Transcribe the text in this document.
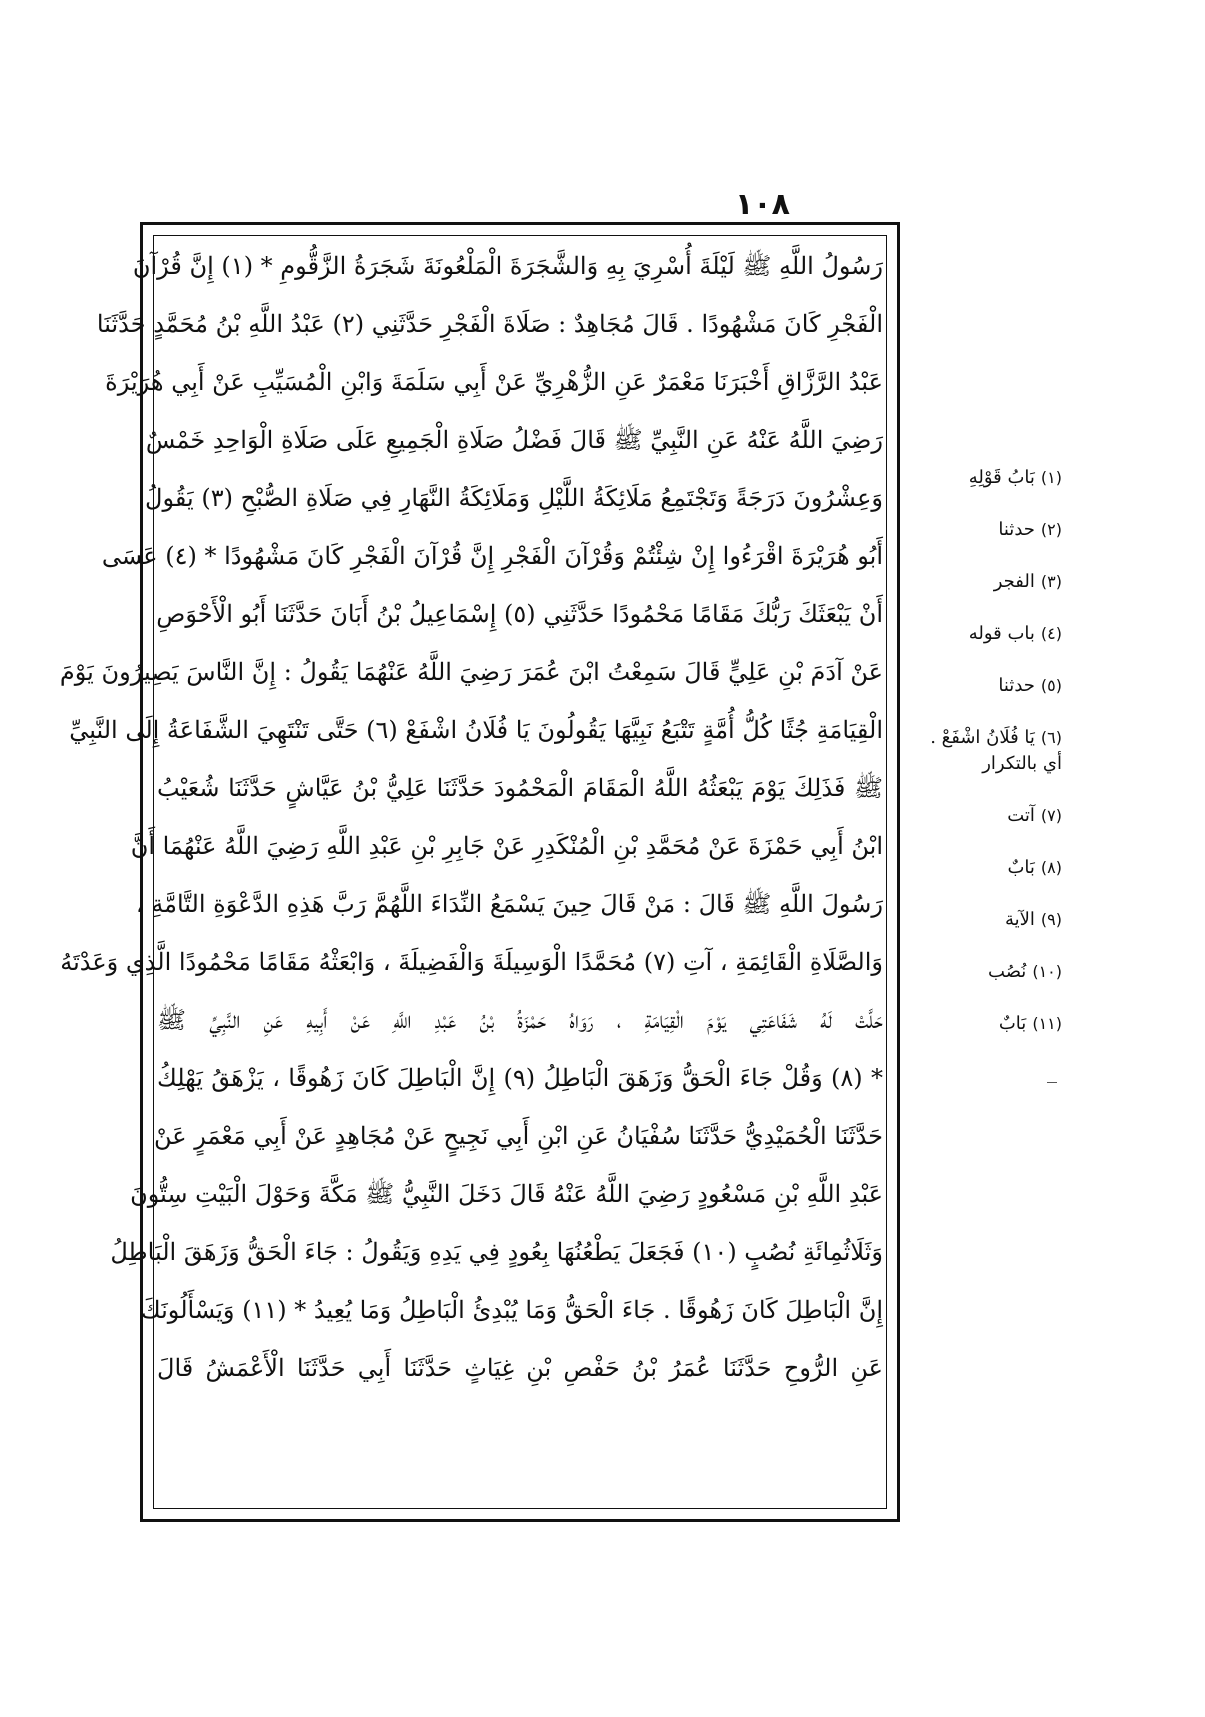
١٠٨
رَسُولُ اللَّهِ ﷺ لَيْلَةَ أُسْرِيَ بِهِ وَالشَّجَرَةَ الْمَلْعُونَةَ شَجَرَةُ الزَّقُّومِ * (١) إِنَّ قُرْآنَ
الْفَجْرِ كَانَ مَشْهُودًا . قَالَ مُجَاهِدٌ : صَلَاةَ الْفَجْرِ حَدَّثَنِي (٢) عَبْدُ اللَّهِ بْنُ مُحَمَّدٍ حَدَّثَنَا
عَبْدُ الرَّزَّاقِ أَخْبَرَنَا مَعْمَرٌ عَنِ الزُّهْرِيِّ عَنْ أَبِي سَلَمَةَ وَابْنِ الْمُسَيِّبِ عَنْ أَبِي هُرَيْرَةَ
رَضِيَ اللَّهُ عَنْهُ عَنِ النَّبِيِّ ﷺ قَالَ فَضْلُ صَلَاةِ الْجَمِيعِ عَلَى صَلَاةِ الْوَاحِدِ خَمْسٌ
وَعِشْرُونَ دَرَجَةً وَتَجْتَمِعُ مَلَائِكَةُ اللَّيْلِ وَمَلَائِكَةُ النَّهَارِ فِي صَلَاةِ الصُّبْحِ (٣) يَقُولُ
أَبُو هُرَيْرَةَ اقْرَءُوا إِنْ شِئْتُمْ وَقُرْآنَ الْفَجْرِ إِنَّ قُرْآنَ الْفَجْرِ كَانَ مَشْهُودًا * (٤) عَسَى
أَنْ يَبْعَثَكَ رَبُّكَ مَقَامًا مَحْمُودًا حَدَّثَنِي (٥) إِسْمَاعِيلُ بْنُ أَبَانَ حَدَّثَنَا أَبُو الْأَحْوَصِ
عَنْ آدَمَ بْنِ عَلِيٍّ قَالَ سَمِعْتُ ابْنَ عُمَرَ رَضِيَ اللَّهُ عَنْهُمَا يَقُولُ : إِنَّ النَّاسَ يَصِيرُونَ يَوْمَ
الْقِيَامَةِ جُثًا كُلُّ أُمَّةٍ تَتْبَعُ نَبِيَّهَا يَقُولُونَ يَا فُلَانُ اشْفَعْ (٦) حَتَّى تَنْتَهِيَ الشَّفَاعَةُ إِلَى النَّبِيِّ
ﷺ فَذَلِكَ يَوْمَ يَبْعَثُهُ اللَّهُ الْمَقَامَ الْمَحْمُودَ حَدَّثَنَا عَلِيُّ بْنُ عَيَّاشٍ حَدَّثَنَا شُعَيْبُ
ابْنُ أَبِي حَمْزَةَ عَنْ مُحَمَّدِ بْنِ الْمُنْكَدِرِ عَنْ جَابِرِ بْنِ عَبْدِ اللَّهِ رَضِيَ اللَّهُ عَنْهُمَا أَنَّ
رَسُولَ اللَّهِ ﷺ قَالَ : مَنْ قَالَ حِينَ يَسْمَعُ النِّدَاءَ اللَّهُمَّ رَبَّ هَذِهِ الدَّعْوَةِ التَّامَّةِ ،
وَالصَّلَاةِ الْقَائِمَةِ ، آتِ (٧) مُحَمَّدًا الْوَسِيلَةَ وَالْفَضِيلَةَ ، وَابْعَثْهُ مَقَامًا مَحْمُودًا الَّذِي وَعَدْتَهُ
حَلَّتْ لَهُ شَفَاعَتِي يَوْمَ الْقِيَامَةِ ، رَوَاهُ حَمْزَةُ بْنُ عَبْدِ اللَّهِ عَنْ أَبِيهِ عَنِ النَّبِيِّ ﷺ
* (٨) وَقُلْ جَاءَ الْحَقُّ وَزَهَقَ الْبَاطِلُ (٩) إِنَّ الْبَاطِلَ كَانَ زَهُوقًا ، يَزْهَقُ يَهْلِكُ
حَدَّثَنَا الْحُمَيْدِيُّ حَدَّثَنَا سُفْيَانُ عَنِ ابْنِ أَبِي نَجِيحٍ عَنْ مُجَاهِدٍ عَنْ أَبِي مَعْمَرٍ عَنْ
عَبْدِ اللَّهِ بْنِ مَسْعُودٍ رَضِيَ اللَّهُ عَنْهُ قَالَ دَخَلَ النَّبِيُّ ﷺ مَكَّةَ وَحَوْلَ الْبَيْتِ سِتُّونَ
وَثَلَاثُمِائَةِ نُصُبٍ (١٠) فَجَعَلَ يَطْعُنُهَا بِعُودٍ فِي يَدِهِ وَيَقُولُ : جَاءَ الْحَقُّ وَزَهَقَ الْبَاطِلُ
إِنَّ الْبَاطِلَ كَانَ زَهُوقًا . جَاءَ الْحَقُّ وَمَا يُبْدِئُ الْبَاطِلُ وَمَا يُعِيدُ * (١١) وَيَسْأَلُونَكَ
عَنِ الرُّوحِ حَدَّثَنَا عُمَرُ بْنُ حَفْصِ بْنِ غِيَاثٍ حَدَّثَنَا أَبِي حَدَّثَنَا الْأَعْمَشُ قَالَ
(١)بَابُ قَوْلِهِ
(٢)حدثنا
(٣)الفجر
(٤)باب قوله
(٥)حدثنا
(٦)يَا فُلَانُ اشْفَعْ . أي بالتكرار
(٧)آتت
(٨)بَابٌ
(٩)الآية
(١٠)نُصُب
(١١)بَابٌ
